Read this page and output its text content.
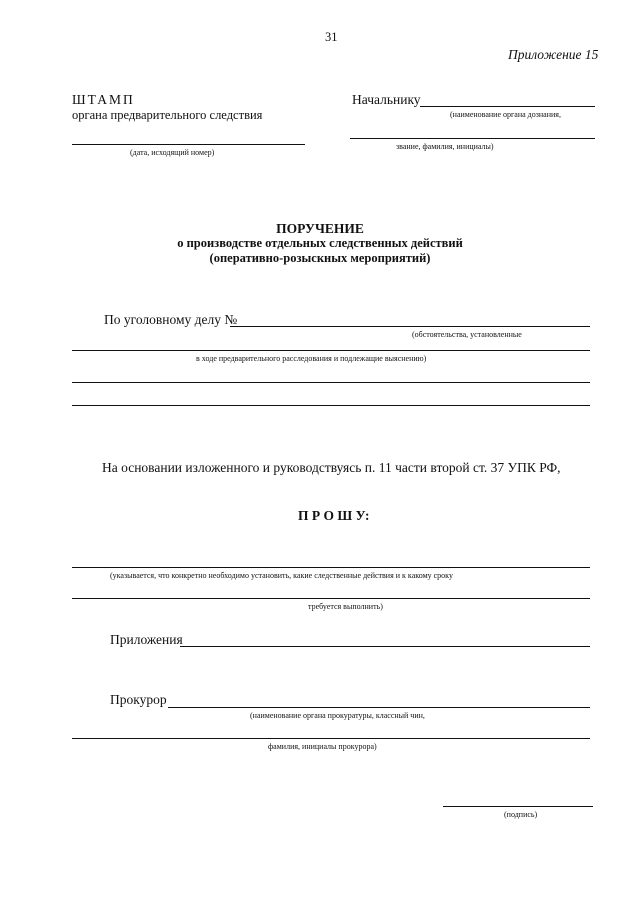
31
Приложение 15
ШТАМП
органа предварительного следствия
(дата, исходящий номер)
Начальнику
(наименование органа дознания,
звание, фамилия, инициалы)
ПОРУЧЕНИЕ
о производстве отдельных следственных действий
(оперативно-розыскных мероприятий)
По уголовному делу №
(обстоятельства, установленные
в ходе предварительного расследования и подлежащие выяснению)
На основании изложенного и руководствуясь п. 11 части второй ст. 37 УПК РФ,
П Р О Ш У:
(указывается, что конкретно необходимо установить, какие следственные действия и к какому сроку
требуется выполнить)
Приложения
Прокурор
(наименование органа прокуратуры, классный чин,
фамилия, инициалы прокурора)
(подпись)
